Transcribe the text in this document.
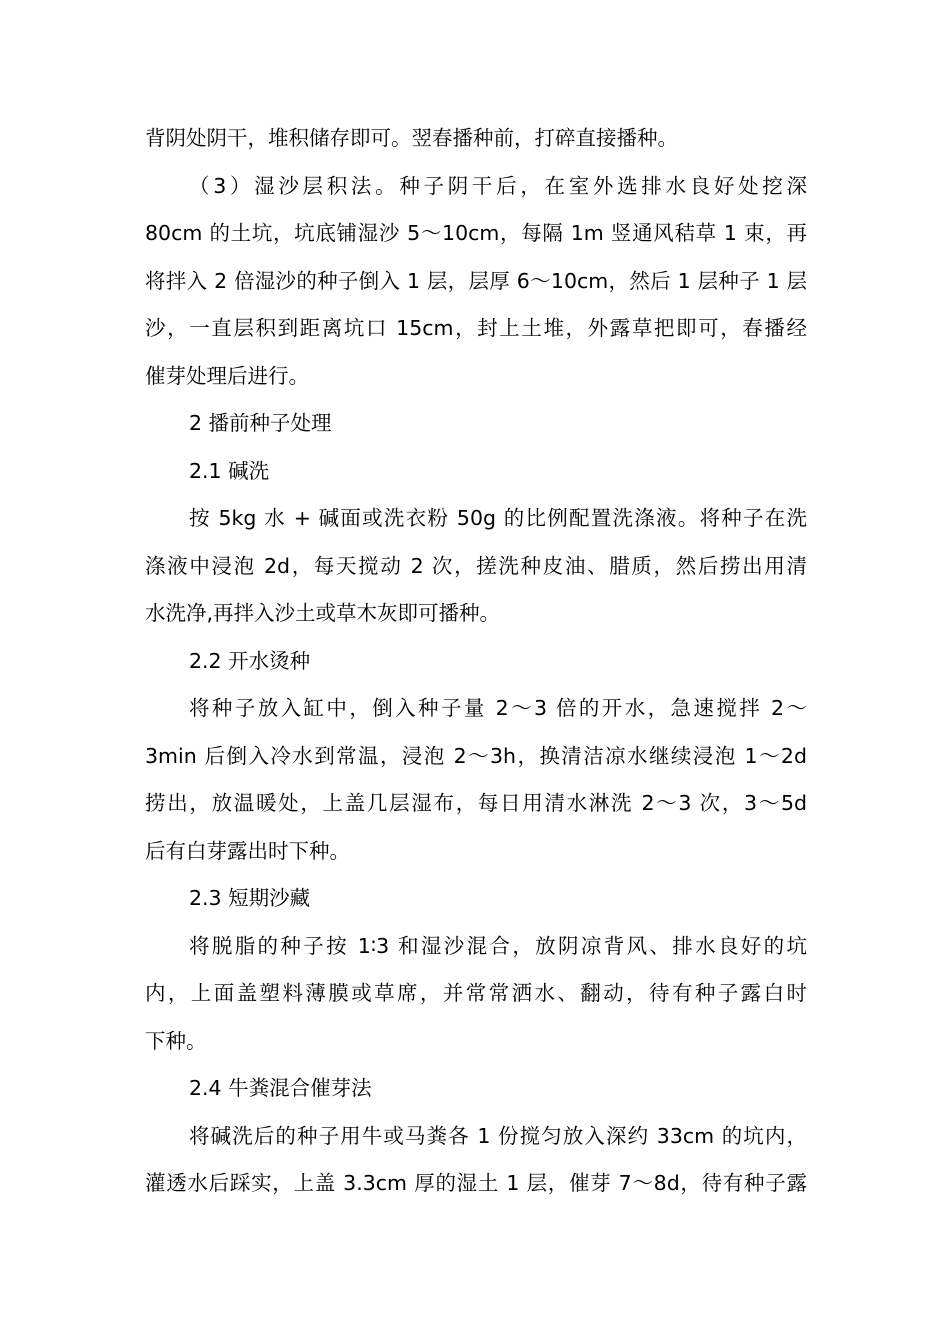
背阴处阴干，堆积储存即可。翌春播种前，打碎直接播种。
（3）湿沙层积法。种子阴干后，在室外选排水良好处挖深
80cm 的土坑，坑底铺湿沙 5～10cm，每隔 1m 竖通风秸草 1 束，再
将拌入 2 倍湿沙的种子倒入 1 层，层厚 6～10cm，然后 1 层种子 1 层
沙，一直层积到距离坑口 15cm，封上土堆，外露草把即可，春播经
催芽处理后进行。
2 播前种子处理
2.1 碱洗
按 5kg 水 + 碱面或洗衣粉 50g 的比例配置洗涤液。将种子在洗
涤液中浸泡 2d，每天搅动 2 次，搓洗种皮油、腊质，然后捞出用清
水洗净,再拌入沙土或草木灰即可播种。
2.2 开水烫种
将种子放入缸中，倒入种子量 2～3 倍的开水，急速搅拌 2～
3min 后倒入冷水到常温，浸泡 2～3h，换清洁凉水继续浸泡 1～2d
捞出，放温暖处，上盖几层湿布，每日用清水淋洗 2～3 次，3～5d
后有白芽露出时下种。
2.3 短期沙藏
将脱脂的种子按 1∶3 和湿沙混合，放阴凉背风、排水良好的坑
内，上面盖塑料薄膜或草席，并常常洒水、翻动，待有种子露白时
下种。
2.4 牛粪混合催芽法
将碱洗后的种子用牛或马粪各 1 份搅匀放入深约 33cm 的坑内，
灌透水后踩实，上盖 3.3cm 厚的湿土 1 层，催芽 7～8d，待有种子露
